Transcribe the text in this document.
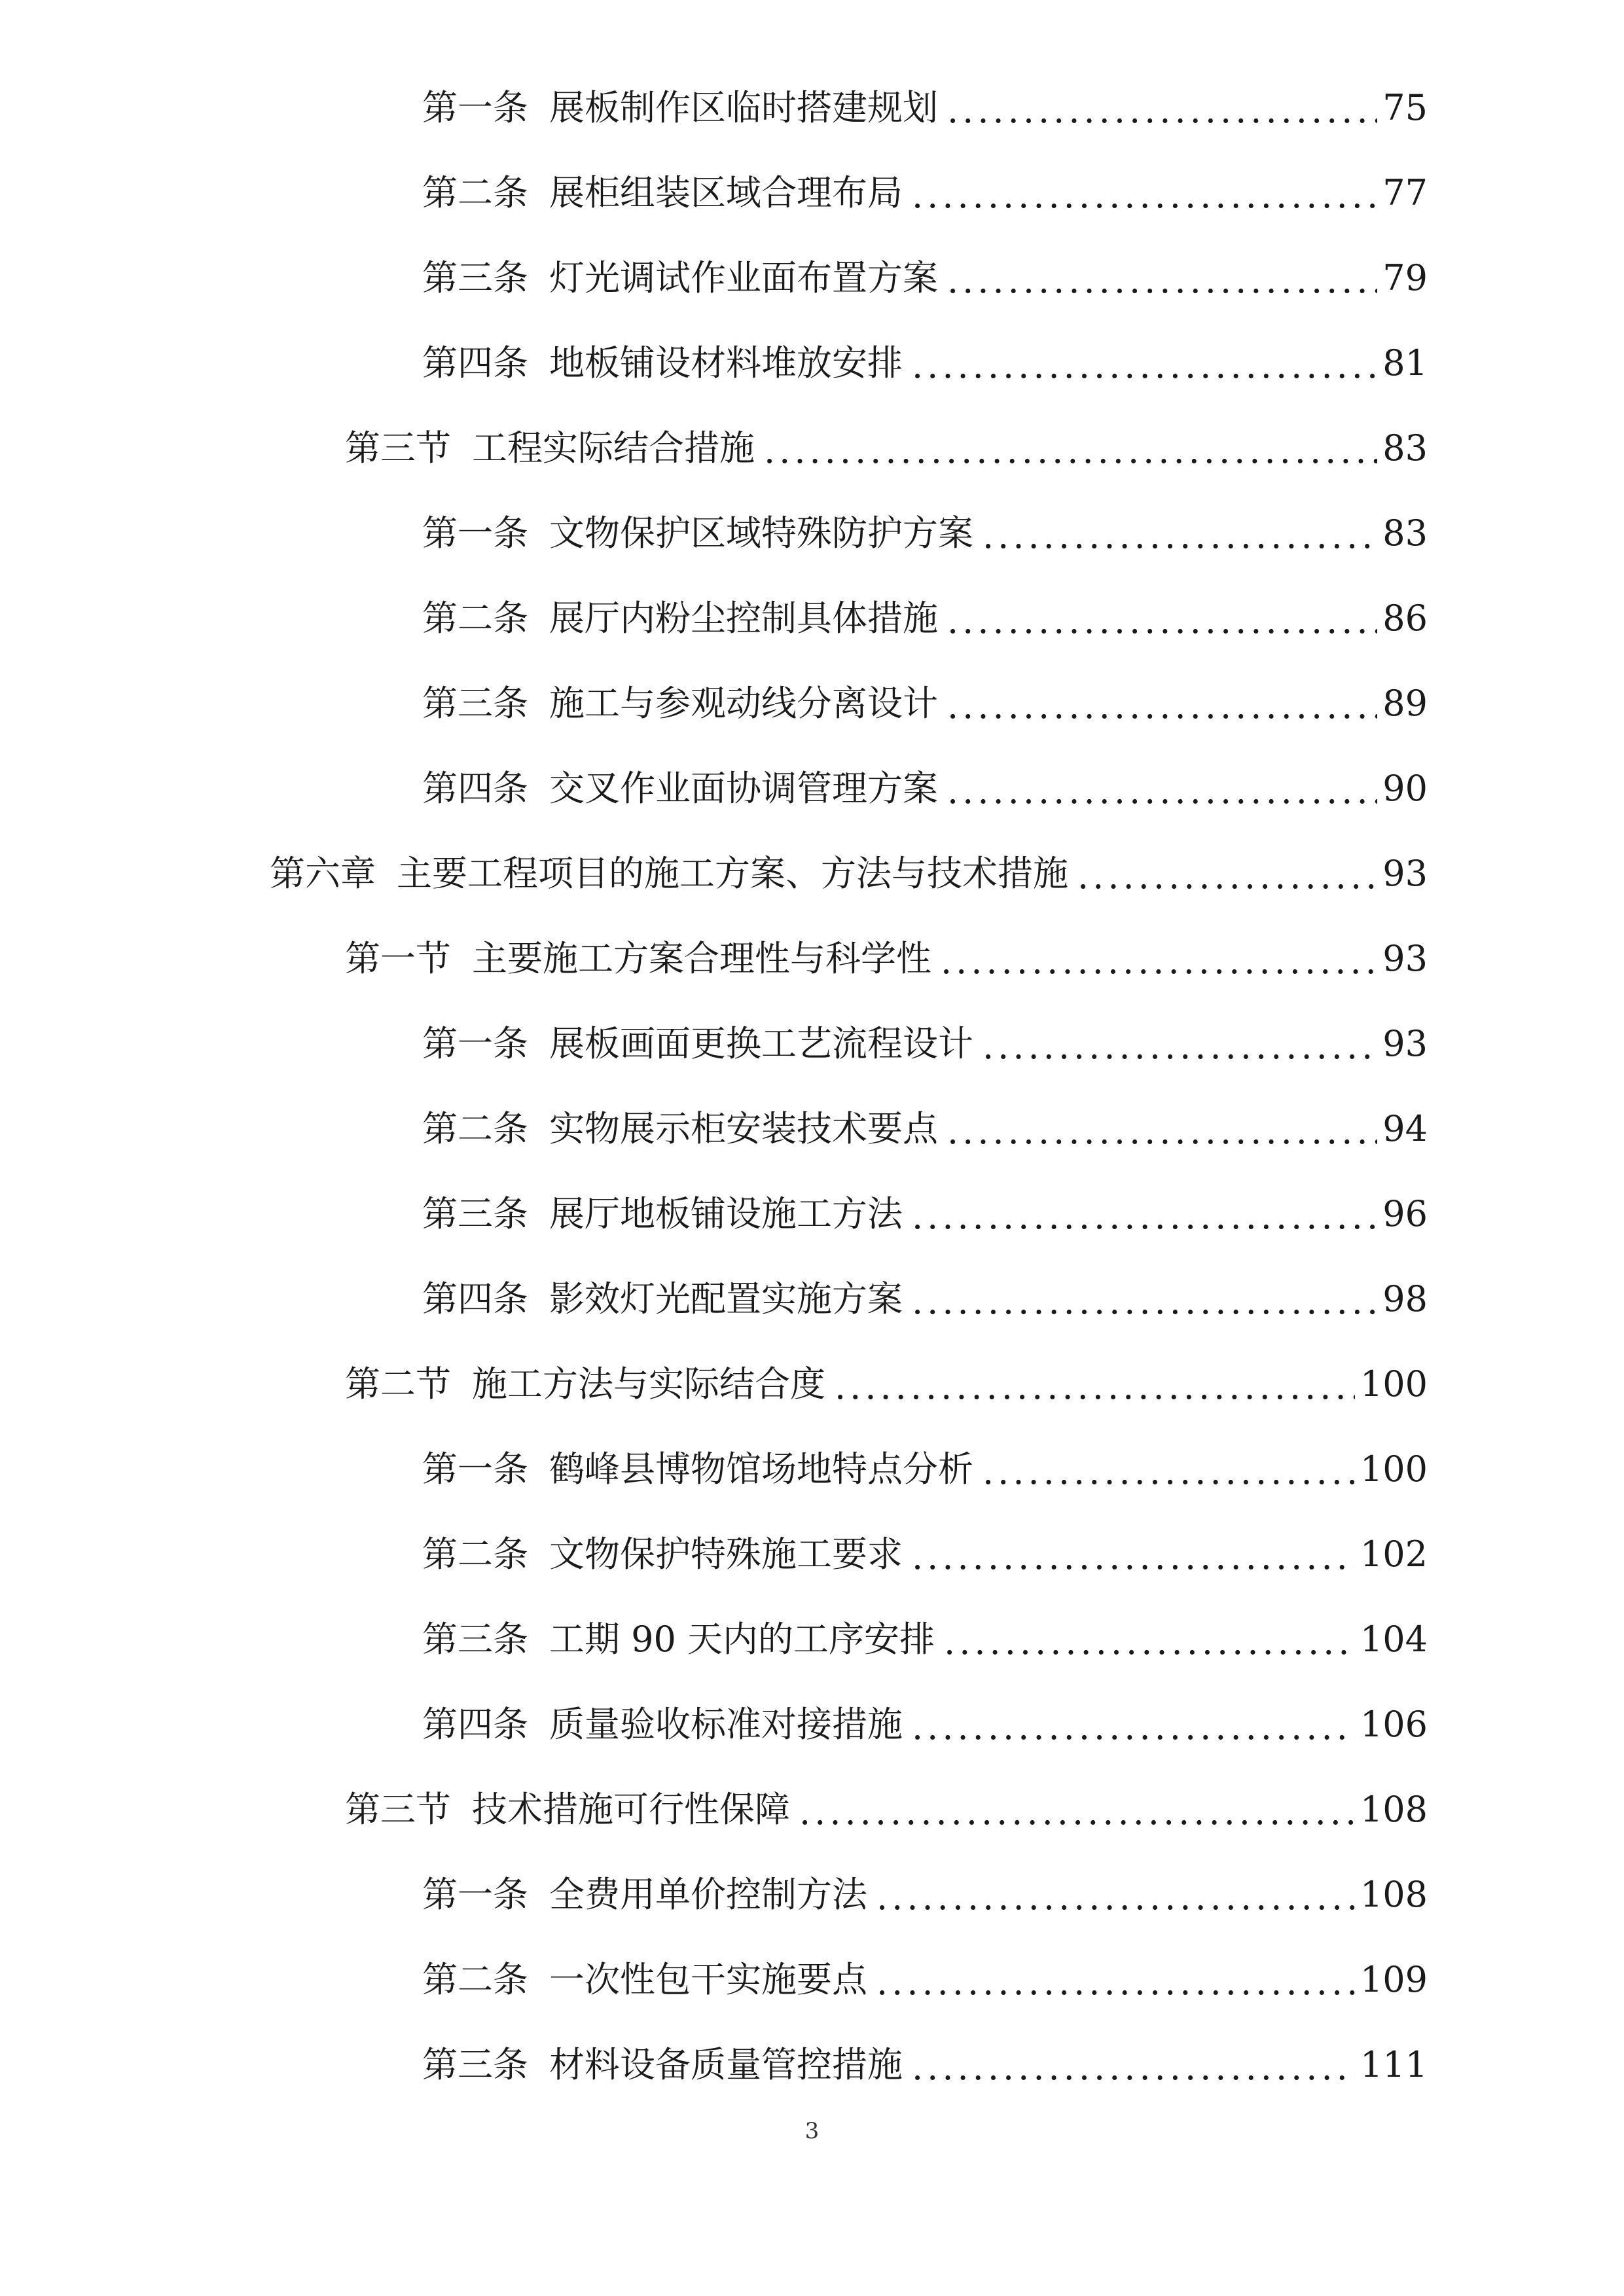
第一条 展板制作区临时搭建规划 .....	75
第二条 展柜组装区域合理布局 .....	77
第三条 灯光调试作业面布置方案 .....	79
第四条 地板铺设材料堆放安排 .....	81
第三节 工程实际结合措施 .....	83
第一条 文物保护区域特殊防护方案 .....	83
第二条 展厅内粉尘控制具体措施 .....	86
第三条 施工与参观动线分离设计 .....	89
第四条 交叉作业面协调管理方案 .....	90
第六章 主要工程项目的施工方案、方法与技术措施 .....	93
第一节 主要施工方案合理性与科学性 .....	93
第一条 展板画面更换工艺流程设计 .....	93
第二条 实物展示柜安装技术要点 .....	94
第三条 展厅地板铺设施工方法 .....	96
第四条 影效灯光配置实施方案 .....	98
第二节 施工方法与实际结合度 .....	100
第一条 鹤峰县博物馆场地特点分析 .....	100
第二条 文物保护特殊施工要求 .....	102
第三条 工期 90 天内的工序安排 .....	104
第四条 质量验收标准对接措施 .....	106
第三节 技术措施可行性保障 .....	108
第一条 全费用单价控制方法 .....	108
第二条 一次性包干实施要点 .....	109
第三条 材料设备质量管控措施 .....	111
3
